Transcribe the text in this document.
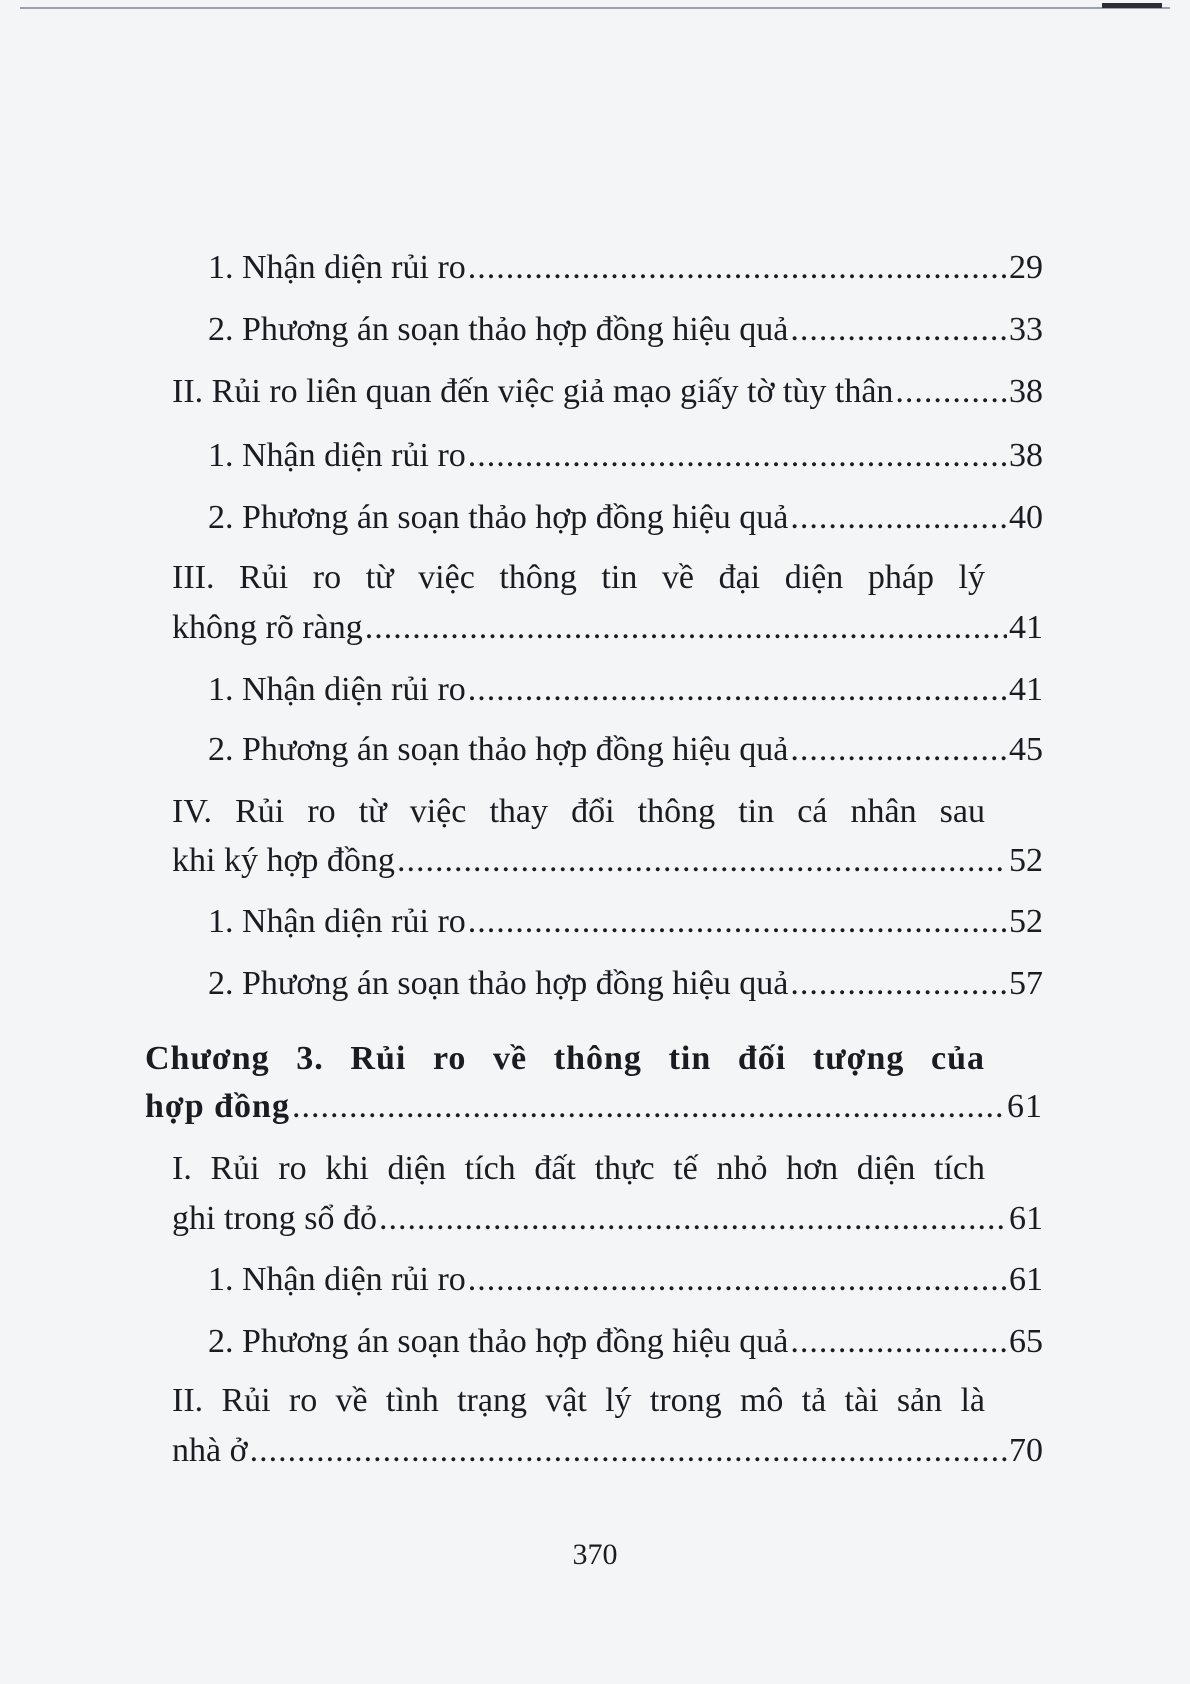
1. Nhận diện rủi ro .....	29
2. Phương án soạn thảo hợp đồng hiệu quả .....	33
II. Rủi ro liên quan đến việc giả mạo giấy tờ tùy thân .....	38
1. Nhận diện rủi ro .....	38
2. Phương án soạn thảo hợp đồng hiệu quả .....	40
III. Rủi ro từ việc thông tin về đại diện pháp lý
không rõ ràng .....	41
1. Nhận diện rủi ro .....	41
2. Phương án soạn thảo hợp đồng hiệu quả .....	45
IV. Rủi ro từ việc thay đổi thông tin cá nhân sau
khi ký hợp đồng .....	52
1. Nhận diện rủi ro .....	52
2. Phương án soạn thảo hợp đồng hiệu quả .....	57
Chương 3. Rủi ro về thông tin đối tượng của
hợp đồng .....	61
I. Rủi ro khi diện tích đất thực tế nhỏ hơn diện tích
ghi trong sổ đỏ .....	61
1. Nhận diện rủi ro .....	61
2. Phương án soạn thảo hợp đồng hiệu quả .....	65
II. Rủi ro về tình trạng vật lý trong mô tả tài sản là
nhà ở .....	70
370
